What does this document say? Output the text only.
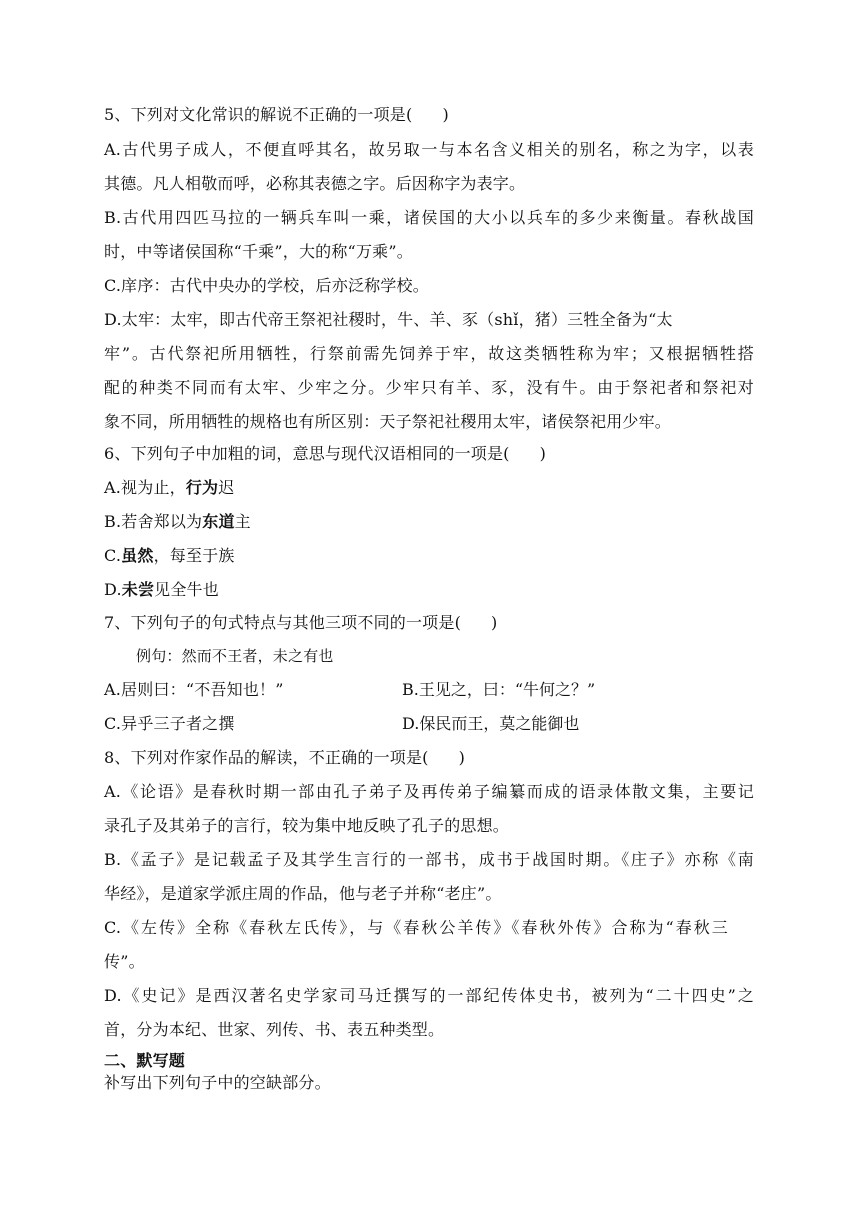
5、下列对文化常识的解说不正确的一项是( )
A.古代男子成人，不便直呼其名，故另取一与本名含义相关的别名，称之为字，以表
其德。凡人相敬而呼，必称其表德之字。后因称字为表字。
B.古代用四匹马拉的一辆兵车叫一乘，诸侯国的大小以兵车的多少来衡量。春秋战国
时，中等诸侯国称“千乘”，大的称“万乘”。
C.庠序：古代中央办的学校，后亦泛称学校。
D.太牢：太牢，即古代帝王祭祀社稷时，牛、羊、豕（shǐ，猪）三牲全备为“太
牢”。古代祭祀所用牺牲，行祭前需先饲养于牢，故这类牺牲称为牢；又根据牺牲搭
配的种类不同而有太牢、少牢之分。少牢只有羊、豕，没有牛。由于祭祀者和祭祀对
象不同，所用牺牲的规格也有所区别：天子祭祀社稷用太牢，诸侯祭祀用少牢。
6、下列句子中加粗的词，意思与现代汉语相同的一项是( )
A.视为止，行为迟
B.若舍郑以为东道主
C.虽然，每至于族
D.未尝见全牛也
7、下列句子的句式特点与其他三项不同的一项是( )
例句：然而不王者，未之有也
A.居则曰：“不吾知也！”	B.王见之，曰：“牛何之？”
C.异乎三子者之撰	D.保民而王，莫之能御也
8、下列对作家作品的解读，不正确的一项是( )
A.《论语》是春秋时期一部由孔子弟子及再传弟子编纂而成的语录体散文集，主要记
录孔子及其弟子的言行，较为集中地反映了孔子的思想。
B.《孟子》是记载孟子及其学生言行的一部书，成书于战国时期。《庄子》亦称《南
华经》，是道家学派庄周的作品，他与老子并称“老庄”。
C.《左传》全称《春秋左氏传》，与《春秋公羊传》《春秋外传》合称为“春秋三
传”。
D.《史记》是西汉著名史学家司马迁撰写的一部纪传体史书，被列为“二十四史”之
首，分为本纪、世家、列传、书、表五种类型。
二、默写题
补写出下列句子中的空缺部分。
